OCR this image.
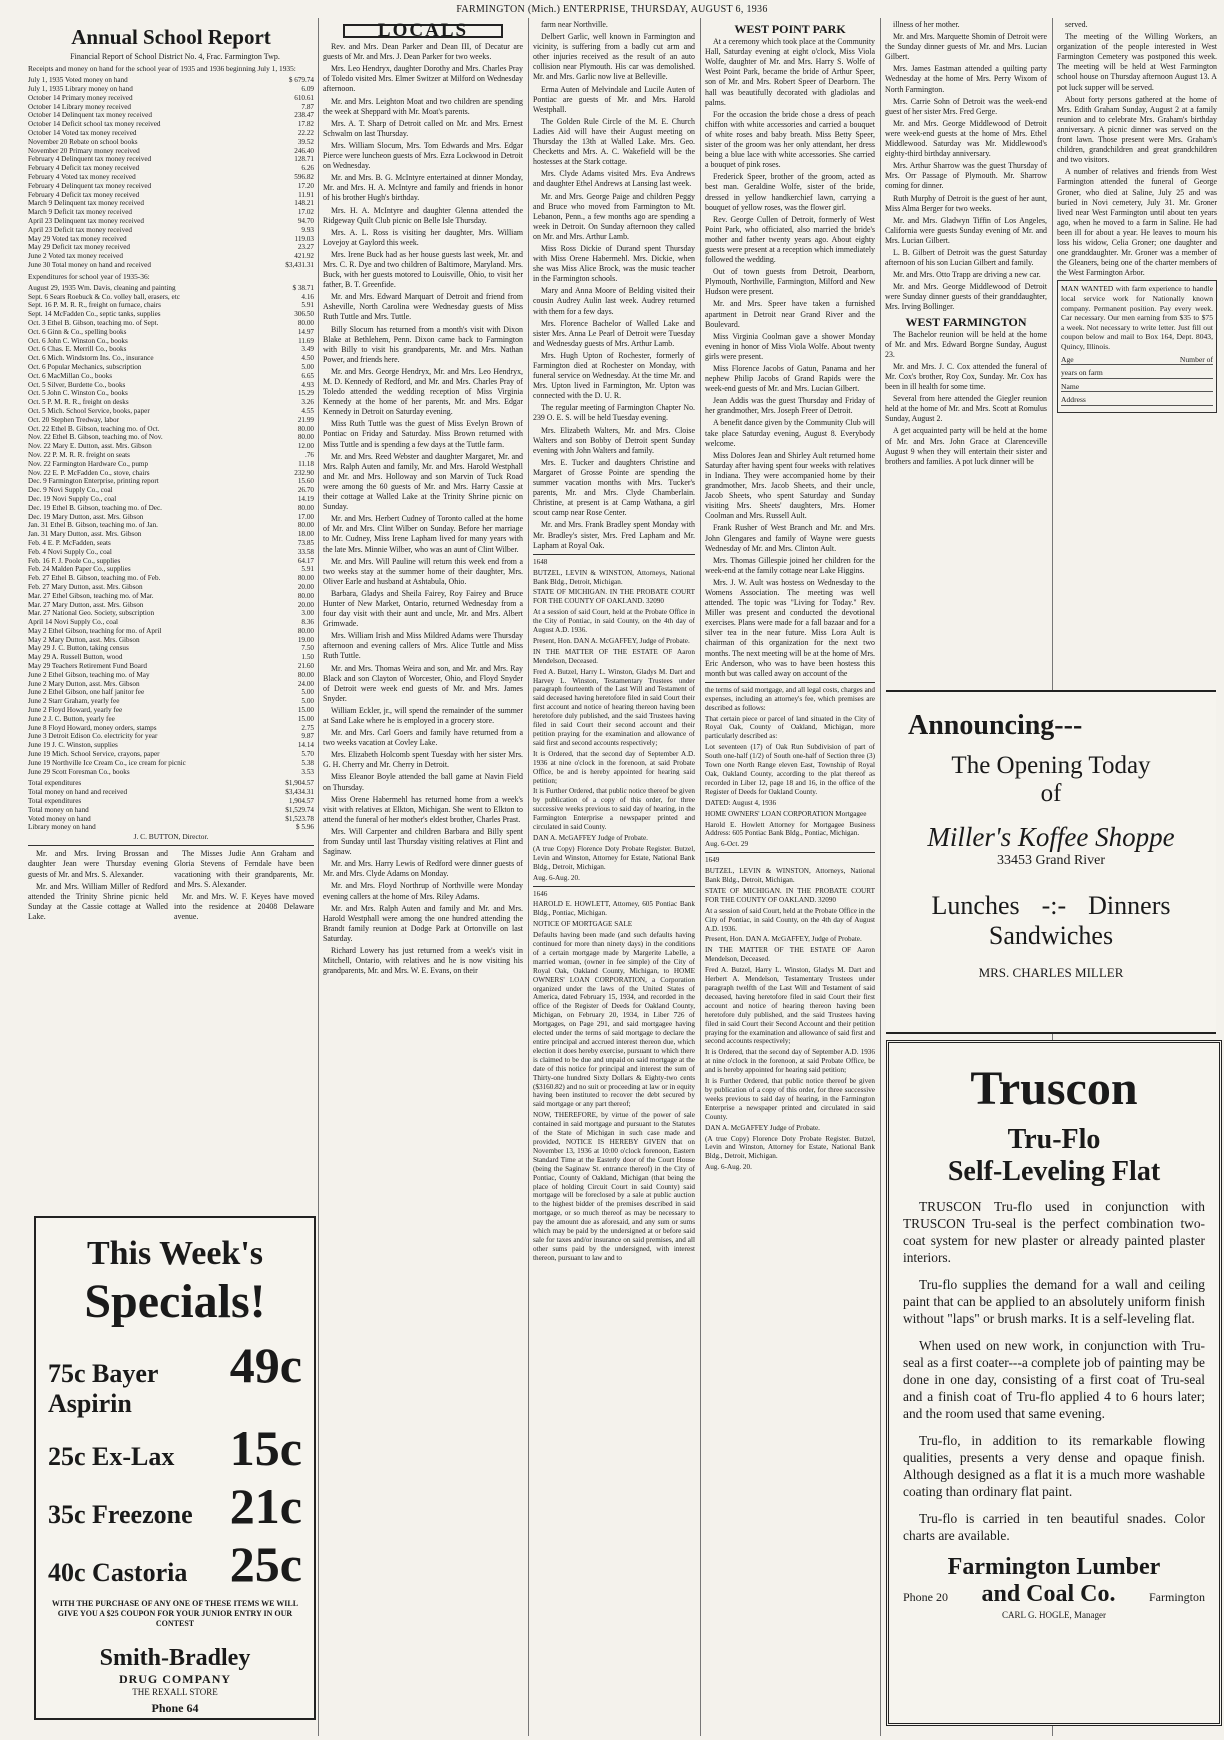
FARMINGTON (Mich.) ENTERPRISE, THURSDAY, AUGUST 6, 1936
Annual School Report

Financial Report of School District No. 4, Frac. Farmington Twp.

Receipts and money on hand for the school year of 1935 and 1936 beginning July 1, 1935:

July 1, 1935 Voted money on hand	$ 679.74
July 1, 1935 Library money on hand	6.09
October 14 Primary money received	610.61
October 14 Library money received	7.87
October 14 Delinquent tax money received	238.47
October 14 Deficit school tax money received	17.82
October 14 Voted tax money received	22.22
November 20 Rebate on school books	39.52
November 20 Primary money received	246.40
February 4 Delinquent tax money received	128.71
February 4 Deficit tax money received	6.26
February 4 Voted tax money received	596.82
February 4 Delinquent tax money received	17.20
February 4 Deficit tax money received	11.91
March 9 Delinquent tax money received	148.21
March 9 Deficit tax money received	17.02
April 23 Delinquent tax money received	94.70
April 23 Deficit tax money received	9.93
May 29 Voted tax money received	119.03
May 29 Deficit tax money received	23.27
June 2 Voted tax money received	421.92
June 30 Total money on hand and received	$3,431.31

Expenditures for school year of 1935-36:

August 29, 1935 Wm. Davis, cleaning and painting	$ 38.71
Sept. 6 Sears Roebuck & Co. volley ball, erasers, etc	4.16
Sept. 16 P. M. R. R., freight on furnace, chairs	5.91
Sept. 14 McFadden Co., septic tanks, supplies	306.50
Oct. 3 Ethel B. Gibson, teaching mo. of Sept.	80.00
Oct. 6 Ginn & Co., spelling books	14.97
Oct. 6 John C. Winston Co., books	11.69
Oct. 6 Chas. E. Merrill Co., books	3.49
Oct. 6 Mich. Windstorm Ins. Co., insurance	4.50
Oct. 6 Popular Mechanics, subscription	5.00
Oct. 6 MacMillan Co., books	6.65
Oct. 5 Silver, Burdette Co., books	4.93
Oct. 5 John C. Winston Co., books	15.29
Oct. 5 P. M. R. R., freight on desks	3.26
Oct. 5 Mich. School Service, books, paper	4.55
Oct. 20 Stephen Tredway, labor	21.99
Oct. 22 Ethel B. Gibson, teaching mo. of Oct.	80.00
Nov. 22 Ethel B. Gibson, teaching mo. of Nov.	80.00
Nov. 22 Mary E. Dutton, asst. Mrs. Gibson	12.00
Nov. 22 P. M. R. R. freight on seats	.76
Nov. 22 Farmington Hardware Co., pump	11.18
Nov. 22 E. P. McFadden Co., stove, chairs	232.90
Dec. 9 Farmington Enterprise, printing report	15.60
Dec. 9 Novi Supply Co., coal	26.70
Dec. 19 Novi Supply Co., coal	14.19
Dec. 19 Ethel B. Gibson, teaching mo. of Dec.	80.00
Dec. 19 Mary Dutton, asst. Mrs. Gibson	17.00
Jan. 31 Ethel B. Gibson, teaching mo. of Jan.	80.00
Jan. 31 Mary Dutton, asst. Mrs. Gibson	18.00
Feb. 4 E. P. McFadden, seats	73.85
Feb. 4 Novi Supply Co., coal	33.58
Feb. 16 F. J. Poole Co., supplies	64.17
Feb. 24 Malden Paper Co., supplies	5.91
Feb. 27 Ethel B. Gibson, teaching mo. of Feb.	80.00
Feb. 27 Mary Dutton, asst. Mrs. Gibson	20.00
Mar. 27 Ethel Gibson, teaching mo. of Mar.	80.00
Mar. 27 Mary Dutton, asst. Mrs. Gibson	20.00
Mar. 27 National Geo. Society, subscription	3.00
April 14 Novi Supply Co., coal	8.36
May 2 Ethel Gibson, teaching for mo. of April	80.00
May 2 Mary Dutton, asst. Mrs. Gibson	19.00
May 29 J. C. Button, taking census	7.50
May 29 A. Russell Button, wood	1.50
May 29 Teachers Retirement Fund Board	21.60
June 2 Ethel Gibson, teaching mo. of May	80.00
June 2 Mary Dutton, asst. Mrs. Gibson	24.00
June 2 Ethel Gibson, one half janitor fee	5.00
June 2 Starr Graham, yearly fee	5.00
June 2 Floyd Howard, yearly fee	15.00
June 2 J. C. Button, yearly fee	15.00
June 8 Floyd Howard, money orders, stamps	2.75
June 3 Detroit Edison Co. electricity for year	9.87
June 19 J. C. Winston, supplies	14.14
June 19 Mich. School Service, crayons, paper	5.70
June 19 Northville Ice Cream Co., ice cream for picnic	5.38
June 29 Scott Foresman Co., books	3.53
Total expenditures	$1,904.57
Total money on hand and received	$3,434.31
Total expenditures	1,904.57
Total money on hand	$1,529.74
Voted money on hand	$1,523.78
Library money on hand	$ 5.96

J. C. BUTTON, Director.

Mr. and Mrs. Irving Brossan and daughter Jean were Thursday evening guests of Mr. and Mrs. S. Alexander.

Mr. and Mrs. William Miller of Redford attended the Trinity Shrine picnic held Sunday at the Cassie cottage at Walled Lake.

The Misses Judie Ann Graham and Gloria Stevens of Ferndale have been vacationing with their grandparents, Mr. and Mrs. S. Alexander.

Mr. and Mrs. W. F. Keyes have moved into the residence at 20408 Delaware avenue.

This Week's
Specials!
75c Bayer Aspirin
49c
25c Ex-Lax 15c
35c Freezone 21c
40c Castoria 25c
WITH THE PURCHASE OF ANY ONE OF THESE ITEMS WE WILL GIVE YOU A $25 COUPON FOR YOUR JUNIOR ENTRY IN OUR CONTEST
Smith-Bradley
DRUG COMPANY
THE REXALL STORE
Phone 64
LOCALS

Rev. and Mrs. Dean Parker and Dean III, of Decatur are guests of Mr. and Mrs. J. Dean Parker for two weeks.

Mrs. Leo Hendryx, daughter Dorothy and Mrs. Charles Pray of Toledo visited Mrs. Elmer Switzer at Milford on Wednesday afternoon.

Mr. and Mrs. Leighton Moat and two children are spending the week at Sheppard with Mr. Moat's parents.

Mrs. A. T. Sharp of Detroit called on Mr. and Mrs. Ernest Schwalm on last Thursday.

Mrs. William Slocum, Mrs. Tom Edwards and Mrs. Edgar Pierce were luncheon guests of Mrs. Ezra Lockwood in Detroit on Wednesday.

Mr. and Mrs. B. G. McIntyre entertained at dinner Monday, Mr. and Mrs. H. A. McIntyre and family and friends in honor of his brother Hugh's birthday.

Mrs. H. A. McIntyre and daughter Glenna attended the Ridgeway Quilt Club picnic on Belle Isle Thursday.

Mrs. A. L. Ross is visiting her daughter, Mrs. William Lovejoy at Gaylord this week.

Mrs. Irene Buck had as her house guests last week, Mr. and Mrs. C. R. Dye and two children of Baltimore, Maryland. Mrs. Buck, with her guests motored to Louisville, Ohio, to visit her father, B. T. Greenfide.

Mr. and Mrs. Edward Marquart of Detroit and friend from Asheville, North Carolina were Wednesday guests of Miss Ruth Tuttle and Mrs. Tuttle.

Billy Slocum has returned from a month's visit with Dixon Blake at Bethlehem, Penn. Dixon came back to Farmington with Billy to visit his grandparents, Mr. and Mrs. Nathan Power, and friends here.

Mr. and Mrs. George Hendryx, Mr. and Mrs. Leo Hendryx, M. D. Kennedy of Redford, and Mr. and Mrs. Charles Pray of Toledo attended the wedding reception of Miss Virginia Kennedy at the home of her parents, Mr. and Mrs. Edgar Kennedy in Detroit on Saturday evening.

Miss Ruth Tuttle was the guest of Miss Evelyn Brown of Pontiac on Friday and Saturday. Miss Brown returned with Miss Tuttle and is spending a few days at the Tuttle farm.

Mr. and Mrs. Reed Webster and daughter Margaret, Mr. and Mrs. Ralph Auten and family, Mr. and Mrs. Harold Westphall and Mr. and Mrs. Holloway and son Marvin of Tuck Road were among the 60 guests of Mr. and Mrs. Harry Cassie at their cottage at Walled Lake at the Trinity Shrine picnic on Sunday.

Mr. and Mrs. Herbert Cudney of Toronto called at the home of Mr. and Mrs. Clint Wilber on Sunday. Before her marriage to Mr. Cudney, Miss Irene Lapham lived for many years with the late Mrs. Minnie Wilber, who was an aunt of Clint Wilber.

Mr. and Mrs. Will Pauline will return this week end from a two weeks stay at the summer home of their daughter, Mrs. Oliver Earle and husband at Ashtabula, Ohio.

Barbara, Gladys and Sheila Fairey, Roy Fairey and Bruce Hunter of New Market, Ontario, returned Wednesday from a four day visit with their aunt and uncle, Mr. and Mrs. Albert Grimwade.

Mrs. William Irish and Miss Mildred Adams were Thursday afternoon and evening callers of Mrs. Alice Tuttle and Miss Ruth Tuttle.

Mr. and Mrs. Thomas Weira and son, and Mr. and Mrs. Ray Black and son Clayton of Worcester, Ohio, and Floyd Snyder of Detroit were week end guests of Mr. and Mrs. James Snyder.

William Eckler, jr., will spend the remainder of the summer at Sand Lake where he is employed in a grocery store.

Mr. and Mrs. Carl Goers and family have returned from a two weeks vacation at Covley Lake.

Mrs. Elizabeth Holcomb spent Tuesday with her sister Mrs. G. H. Cherry and Mr. Cherry in Detroit.

Miss Eleanor Boyle attended the ball game at Navin Field on Thursday.

Miss Orene Habermehl has returned home from a week's visit with relatives at Elkton, Michigan. She went to Elkton to attend the funeral of her mother's eldest brother, Charles Prast.

Mrs. Will Carpenter and children Barbara and Billy spent from Sunday until last Thursday visiting relatives at Flint and Saginaw.

Mr. and Mrs. Harry Lewis of Redford were dinner guests of Mr. and Mrs. Clyde Adams on Monday.

Mr. and Mrs. Floyd Northrup of Northville were Monday evening callers at the home of Mrs. Riley Adams.

Mr. and Mrs. Ralph Auten and family and Mr. and Mrs. Harold Westphall were among the one hundred attending the Brandt family reunion at Dodge Park at Ortonville on last Saturday.

Richard Lowery has just returned from a week's visit in Mitchell, Ontario, with relatives and he is now visiting his grandparents, Mr. and Mrs. W. E. Evans, on their

farm near Northville.

Delbert Garlic, well known in Farmington and vicinity, is suffering from a badly cut arm and other injuries received as the result of an auto collision near Plymouth. His car was demolished. Mr. and Mrs. Garlic now live at Belleville.

Erma Auten of Melvindale and Lucile Auten of Pontiac are guests of Mr. and Mrs. Harold Westphall.

The Golden Rule Circle of the M. E. Church Ladies Aid will have their August meeting on Thursday the 13th at Walled Lake. Mrs. Geo. Checketts and Mrs. A. C. Wakefield will be the hostesses at the Stark cottage.

Mrs. Clyde Adams visited Mrs. Eva Andrews and daughter Ethel Andrews at Lansing last week.

Mr. and Mrs. George Paige and children Peggy and Bruce who moved from Farmington to Mt. Lebanon, Penn., a few months ago are spending a week in Detroit. On Sunday afternoon they called on Mr. and Mrs. Arthur Lamb.

Miss Ross Dickie of Durand spent Thursday with Miss Orene Habermehl. Mrs. Dickie, when she was Miss Alice Brock, was the music teacher in the Farmington schools.

Mary and Anna Moore of Belding visited their cousin Audrey Aulin last week. Audrey returned with them for a few days.

Mrs. Florence Bachelor of Walled Lake and sister Mrs. Anna Le Pearl of Detroit were Tuesday and Wednesday guests of Mrs. Arthur Lamb.

Mrs. Hugh Upton of Rochester, formerly of Farmington died at Rochester on Monday, with funeral service on Wednesday. At the time Mr. and Mrs. Upton lived in Farmington, Mr. Upton was connected with the D. U. R.

The regular meeting of Farmington Chapter No. 239 O. E. S. will be held Tuesday evening.

Mrs. Elizabeth Walters, Mr. and Mrs. Cloise Walters and son Bobby of Detroit spent Sunday evening with John Walters and family.

Mrs. E. Tucker and daughters Christine and Margaret of Grosse Pointe are spending the summer vacation months with Mrs. Tucker's parents, Mr. and Mrs. Clyde Chamberlain. Christine, at present is at Camp Wathana, a girl scout camp near Rose Center.

Mr. and Mrs. Frank Bradley spent Monday with Mr. Bradley's sister, Mrs. Fred Lapham and Mr. Lapham at Royal Oak.

1648

BUTZEL, LEVIN & WINSTON, Attorneys, National Bank Bldg., Detroit, Michigan.

STATE OF MICHIGAN. IN THE PROBATE COURT FOR THE COUNTY OF OAKLAND. 32090

At a session of said Court, held at the Probate Office in the City of Pontiac, in said County, on the 4th day of August A.D. 1936.

Present, Hon. DAN A. McGAFFEY, Judge of Probate.

IN THE MATTER OF THE ESTATE OF Aaron Mendelson, Deceased.

Fred A. Butzel, Harry L. Winston, Gladys M. Dart and Harvey L. Winston, Testamentary Trustees under paragraph fourteenth of the Last Will and Testament of said deceased having heretofore filed in said Court their first account and notice of hearing thereon having been heretofore duly published, and the said Trustees having filed in said Court their second account and their petition praying for the examination and allowance of said first and second accounts respectively;

It is Ordered, that the second day of September A.D. 1936 at nine o'clock in the forenoon, at said Probate Office, be and is hereby appointed for hearing said petition;

It is Further Ordered, that public notice thereof be given by publication of a copy of this order, for three successive weeks previous to said day of hearing, in the Farmington Enterprise a newspaper printed and circulated in said County.

DAN A. McGAFFEY Judge of Probate.

(A true Copy) Florence Doty Probate Register. Butzel, Levin and Winston, Attorney for Estate, National Bank Bldg., Detroit, Michigan.

Aug. 6-Aug. 20.

1646

HAROLD E. HOWLETT, Attorney, 605 Pontiac Bank Bldg., Pontiac, Michigan.

NOTICE OF MORTGAGE SALE

Defaults having been made (and such defaults having continued for more than ninety days) in the conditions of a certain mortgage made by Margerite Labelle, a married woman, (owner in fee simple) of the City of Royal Oak, Oakland County, Michigan, to HOME OWNERS' LOAN CORPORATION, a Corporation organized under the laws of the United States of America, dated February 15, 1934, and recorded in the office of the Register of Deeds for Oakland County, Michigan, on February 20, 1934, in Liber 726 of Mortgages, on Page 291, and said mortgagee having elected under the terms of said mortgage to declare the entire principal and accrued interest thereon due, which election it does hereby exercise, pursuant to which there is claimed to be due and unpaid on said mortgage at the date of this notice for principal and interest the sum of Thirty-one hundred Sixty Dollars & Eighty-two cents ($3160.82) and no suit or proceeding at law or in equity having been instituted to recover the debt secured by said mortgage or any part thereof;

NOW, THEREFORE, by virtue of the power of sale contained in said mortgage and pursuant to the Statutes of the State of Michigan in such case made and provided, NOTICE IS HEREBY GIVEN that on November 13, 1936 at 10:00 o'clock forenoon, Eastern Standard Time at the Easterly door of the Court House (being the Saginaw St. entrance thereof) in the City of Pontiac, County of Oakland, Michigan (that being the place of holding Circuit Court in said County) said mortgage will be foreclosed by a sale at public auction to the highest bidder of the premises described in said mortgage, or so much thereof as may be necessary to pay the amount due as aforesaid, and any sum or sums which may be paid by the undersigned at or before said sale for taxes and/or insurance on said premises, and all other sums paid by the undersigned, with interest thereon, pursuant to law and to

WEST POINT PARK

At a ceremony which took place at the Community Hall, Saturday evening at eight o'clock, Miss Viola Wolfe, daughter of Mr. and Mrs. Harry S. Wolfe of West Point Park, became the bride of Arthur Speer, son of Mr. and Mrs. Robert Speer of Dearborn. The hall was beautifully decorated with gladiolas and palms.

For the occasion the bride chose a dress of peach chiffon with white accessories and carried a bouquet of white roses and baby breath. Miss Betty Speer, sister of the groom was her only attendant, her dress being a blue lace with white accessories. She carried a bouquet of pink roses.

Frederick Speer, brother of the groom, acted as best man. Geraldine Wolfe, sister of the bride, dressed in yellow handkerchief lawn, carrying a bouquet of yellow roses, was the flower girl.

Rev. George Cullen of Detroit, formerly of West Point Park, who officiated, also married the bride's mother and father twenty years ago. About eighty guests were present at a reception which immediately followed the wedding.

Out of town guests from Detroit, Dearborn, Plymouth, Northville, Farmington, Milford and New Hudson were present.

Mr. and Mrs. Speer have taken a furnished apartment in Detroit near Grand River and the Boulevard.

Miss Virginia Coolman gave a shower Monday evening in honor of Miss Viola Wolfe. About twenty girls were present.

Miss Florence Jacobs of Gatun, Panama and her nephew Philip Jacobs of Grand Rapids were the week-end guests of Mr. and Mrs. Lucian Gilbert.

Jean Addis was the guest Thursday and Friday of her grandmother, Mrs. Joseph Freer of Detroit.

A benefit dance given by the Community Club will take place Saturday evening, August 8. Everybody welcome.

Miss Dolores Jean and Shirley Ault returned home Saturday after having spent four weeks with relatives in Indiana. They were accompanied home by their grandmother, Mrs. Jacob Sheets, and their uncle, Jacob Sheets, who spent Saturday and Sunday visiting Mrs. Sheets' daughters, Mrs. Homer Coolman and Mrs. Russell Ault.

Frank Rusher of West Branch and Mr. and Mrs. John Glengares and family of Wayne were guests Wednesday of Mr. and Mrs. Clinton Ault.

Mrs. Thomas Gillespie joined her children for the week-end at the family cottage near Lake Higgins.

Mrs. J. W. Ault was hostess on Wednesday to the Womens Association. The meeting was well attended. The topic was "Living for Today." Rev. Miller was present and conducted the devotional exercises. Plans were made for a fall bazaar and for a silver tea in the near future. Miss Lora Ault is chairman of this organization for the next two months. The next meeting will be at the home of Mrs. Eric Anderson, who was to have been hostess this month but was called away on account of the

the terms of said mortgage, and all legal costs, charges and expenses, including an attorney's fee, which premises are described as follows:

That certain piece or parcel of land situated in the City of Royal Oak, County of Oakland, Michigan, more particularly described as:

Lot seventeen (17) of Oak Run Subdivision of part of South one-half (1/2) of South one-half of Section three (3) Town one North Range eleven East, Township of Royal Oak, Oakland County, according to the plat thereof as recorded in Liber 12, page 18 and 16, in the office of the Register of Deeds for Oakland County.

DATED: August 4, 1936

HOME OWNERS' LOAN CORPORATION Mortgagee

Harold E. Howlett Attorney for Mortgagee Business Address: 605 Pontiac Bank Bldg., Pontiac, Michigan.

Aug. 6-Oct. 29

1649

BUTZEL, LEVIN & WINSTON, Attorneys, National Bank Bldg., Detroit, Michigan.

STATE OF MICHIGAN. IN THE PROBATE COURT FOR THE COUNTY OF OAKLAND. 32090

At a session of said Court, held at the Probate Office in the City of Pontiac, in said County, on the 4th day of August A.D. 1936.

Present, Hon. DAN A. McGAFFEY, Judge of Probate.

IN THE MATTER OF THE ESTATE OF Aaron Mendelson, Deceased.

Fred A. Butzel, Harry L. Winston, Gladys M. Dart and Herbert A. Mendelson, Testamentary Trustees under paragraph twelfth of the Last Will and Testament of said deceased, having heretofore filed in said Court their first account and notice of hearing thereon having been heretofore duly published, and the said Trustees having filed in said Court their Second Account and their petition praying for the examination and allowance of said first and second accounts respectively;

It is Ordered, that the second day of September A.D. 1936 at nine o'clock in the forenoon, at said Probate Office, be and is hereby appointed for hearing said petition;

It is Further Ordered, that public notice thereof be given by publication of a copy of this order, for three successive weeks previous to said day of hearing, in the Farmington Enterprise a newspaper printed and circulated in said County.

DAN A. McGAFFEY Judge of Probate.

(A true Copy) Florence Doty Probate Register. Butzel, Levin and Winston, Attorney for Estate, National Bank Bldg., Detroit, Michigan.

Aug. 6-Aug. 20.

illness of her mother.

Mr. and Mrs. Marquette Shomin of Detroit were the Sunday dinner guests of Mr. and Mrs. Lucian Gilbert.

Mrs. James Eastman attended a quilting party Wednesday at the home of Mrs. Perry Wixom of North Farmington.

Mrs. Carrie Sohn of Detroit was the week-end guest of her sister Mrs. Fred Gerge.

Mr. and Mrs. George Middlewood of Detroit were week-end guests at the home of Mrs. Ethel Middlewood. Saturday was Mr. Middlewood's eighty-third birthday anniversary.

Mrs. Arthur Sharrow was the guest Thursday of Mrs. Orr Passage of Plymouth. Mr. Sharrow coming for dinner.

Ruth Murphy of Detroit is the guest of her aunt, Miss Alma Berger for two weeks.

Mr. and Mrs. Gladwyn Tiffin of Los Angeles, California were guests Sunday evening of Mr. and Mrs. Lucian Gilbert.

L. B. Gilbert of Detroit was the guest Saturday afternoon of his son Lucian Gilbert and family.

Mr. and Mrs. Otto Trapp are driving a new car.

Mr. and Mrs. George Middlewood of Detroit were Sunday dinner guests of their granddaughter, Mrs. Irving Bollinger.

WEST FARMINGTON

The Bachelor reunion will be held at the home of Mr. and Mrs. Edward Borgne Sunday, August 23.

Mr. and Mrs. J. C. Cox attended the funeral of Mr. Cox's brother, Roy Cox, Sunday. Mr. Cox has been in ill health for some time.

Several from here attended the Giegler reunion held at the home of Mr. and Mrs. Scott at Romulus Sunday, August 2.

A get acquainted party will be held at the home of Mr. and Mrs. John Grace at Clarenceville August 9 when they will entertain their sister and brothers and families. A pot luck dinner will be

served.

The meeting of the Willing Workers, an organization of the people interested in West Farmington Cemetery was postponed this week. The meeting will be held at West Farmington school house on Thursday afternoon August 13. A pot luck supper will be served.

About forty persons gathered at the home of Mrs. Edith Graham Sunday, August 2 at a family reunion and to celebrate Mrs. Graham's birthday anniversary. A picnic dinner was served on the front lawn. Those present were Mrs. Graham's children, grandchildren and great grandchildren and two visitors.

A number of relatives and friends from West Farmington attended the funeral of George Groner, who died at Saline, July 25 and was buried in Novi cemetery, July 31. Mr. Groner lived near West Farmington until about ten years ago, when he moved to a farm in Saline. He had been ill for about a year. He leaves to mourn his loss his widow, Celia Groner; one daughter and one granddaughter. Mr. Groner was a member of the Gleaners, being one of the charter members of the West Farmington Arbor.

MAN WANTED with farm experience to handle local service work for Nationally known company. Permanent position. Pay every week. Car necessary. Our men earning from $35 to $75 a week. Not necessary to write letter. Just fill out coupon below and mail to Box 164, Dept. 8043, Quincy, Illinois.
Age	Number of
years on farm
Name
Address
Announcing---
The Opening Today
of
Miller's Koffee Shoppe
33453 Grand River
Lunches -:- Dinners
Sandwiches
MRS. CHARLES MILLER
Truscon
Tru-Flo
Self-Leveling Flat

TRUSCON Tru-flo used in conjunction with TRUSCON Tru-seal is the perfect combination two-coat system for new plaster or already painted plaster interiors.

Tru-flo supplies the demand for a wall and ceiling paint that can be applied to an absolutely uniform finish without "laps" or brush marks. It is a self-leveling flat.

When used on new work, in conjunction with Tru-seal as a first coater---a complete job of painting may be done in one day, consisting of a first coat of Tru-seal and a finish coat of Tru-flo applied 4 to 6 hours later; and the room used that same evening.

Tru-flo, in addition to its remarkable flowing qualities, presents a very dense and opaque finish. Although designed as a flat it is a much more washable coating than ordinary flat paint.

Tru-flo is carried in ten beautiful snades. Color charts are available.

Farmington Lumber
Phone 20 and Coal Co.	Farmington
CARL G. HOGLE, Manager
